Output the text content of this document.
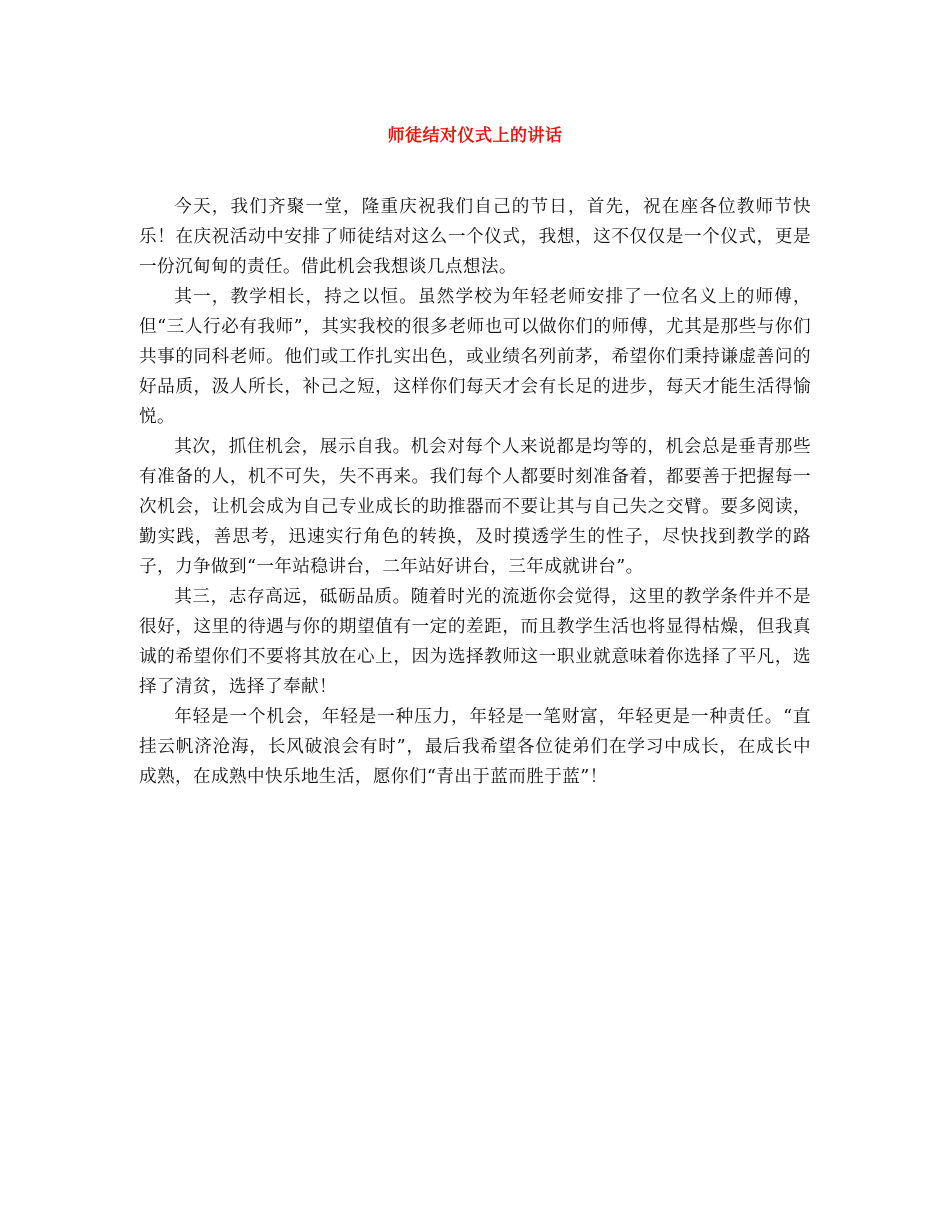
师徒结对仪式上的讲话

今天，我们齐聚一堂，隆重庆祝我们自己的节日，首先，祝在座各位教师节快乐！在庆祝活动中安排了师徒结对这么一个仪式，我想，这不仅仅是一个仪式，更是一份沉甸甸的责任。借此机会我想谈几点想法。

其一，教学相长，持之以恒。虽然学校为年轻老师安排了一位名义上的师傅，但“三人行必有我师”，其实我校的很多老师也可以做你们的师傅，尤其是那些与你们共事的同科老师。他们或工作扎实出色，或业绩名列前茅，希望你们秉持谦虚善问的好品质，汲人所长，补己之短，这样你们每天才会有长足的进步，每天才能生活得愉悦。

其次，抓住机会，展示自我。机会对每个人来说都是均等的，机会总是垂青那些有准备的人，机不可失，失不再来。我们每个人都要时刻准备着，都要善于把握每一次机会，让机会成为自己专业成长的助推器而不要让其与自己失之交臂。要多阅读，勤实践，善思考，迅速实行角色的转换，及时摸透学生的性子，尽快找到教学的路子，力争做到“一年站稳讲台，二年站好讲台，三年成就讲台”。

其三，志存高远，砥砺品质。随着时光的流逝你会觉得，这里的教学条件并不是很好，这里的待遇与你的期望值有一定的差距，而且教学生活也将显得枯燥，但我真诚的希望你们不要将其放在心上，因为选择教师这一职业就意味着你选择了平凡，选择了清贫，选择了奉献！

年轻是一个机会，年轻是一种压力，年轻是一笔财富，年轻更是一种责任。“直挂云帆济沧海，长风破浪会有时”，最后我希望各位徒弟们在学习中成长，在成长中成熟，在成熟中快乐地生活，愿你们“青出于蓝而胜于蓝”！
